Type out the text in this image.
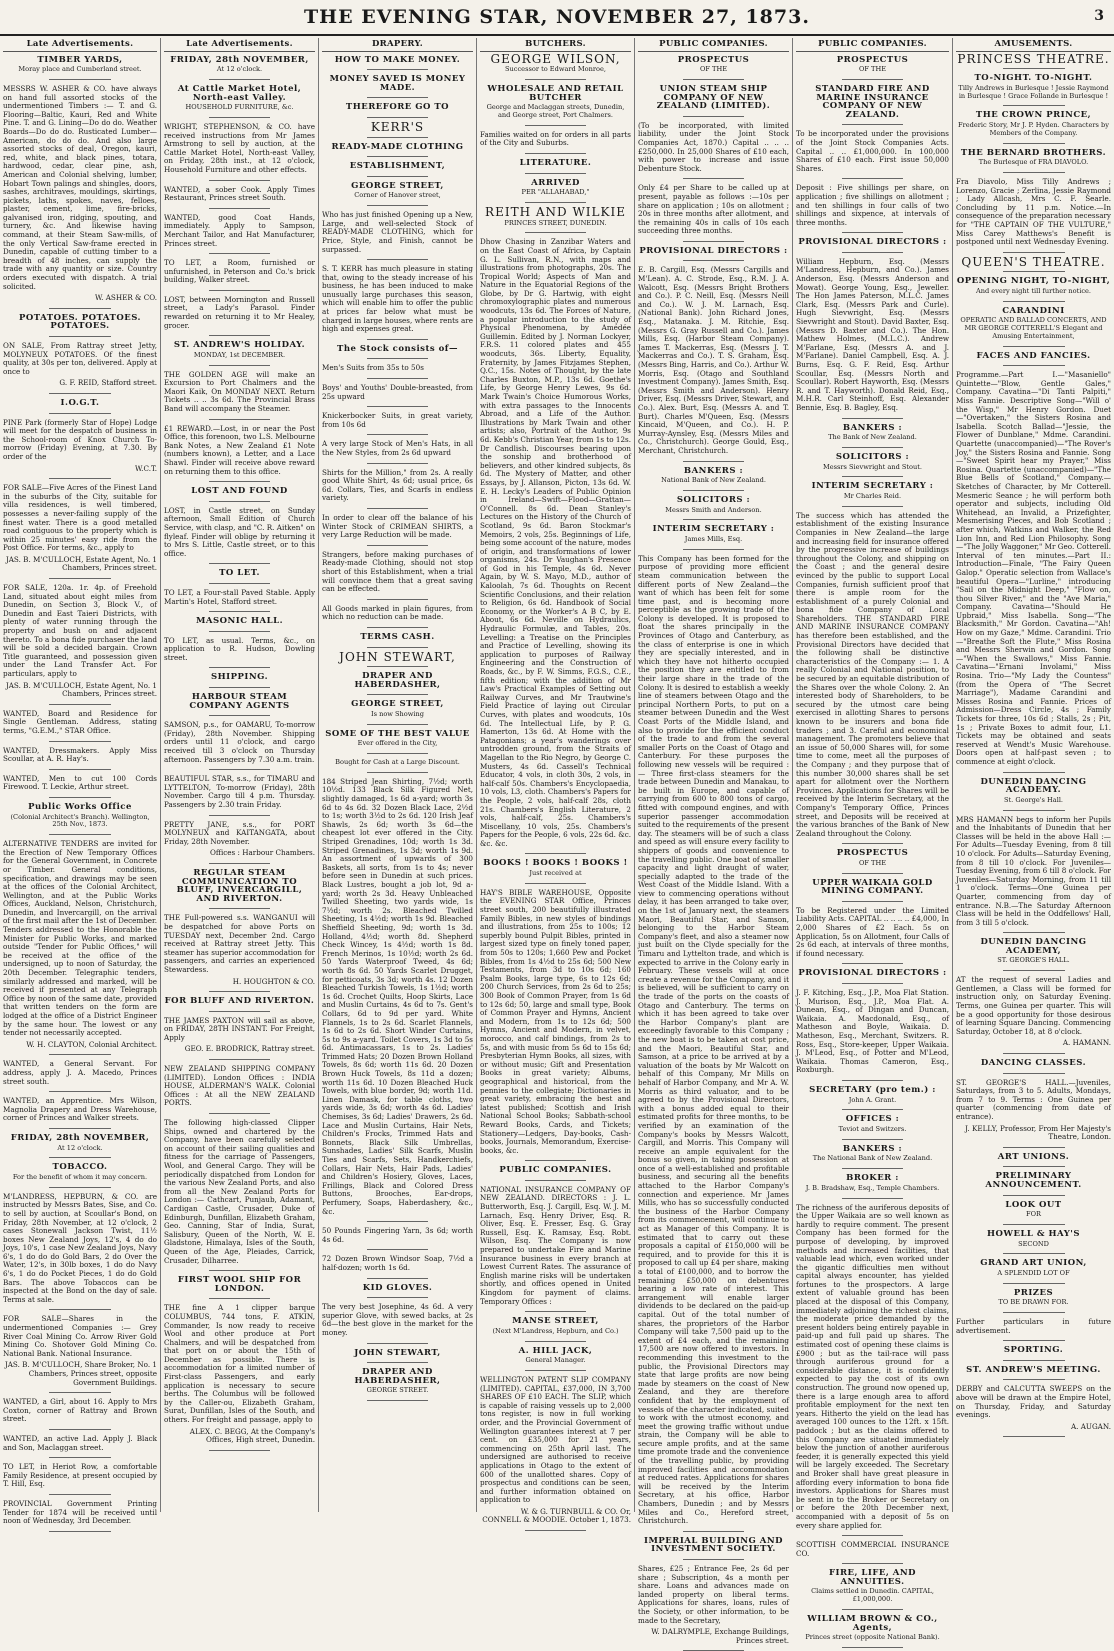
THE EVENING STAR, NOVEMBER 27, 1873.	3
Late Advertisements.
TIMBER YARDS,
Moray place and Cumberland street.

MESSRS W. ASHER & CO. have always on hand full assorted stocks of the undermentioned Timbers :— T. and G. Flooring—Baltic, Kauri, Red and White Pine. T. and G. Lining—Do do do. Weather Boards—Do do do. Rusticated Lumber—American, do do do. And also large assorted stocks of deal, Oregon, kauri, red, white, and black pines, totara, hardwood, cedar, clear pine, ash, American and Colonial shelving, lumber, Hobart Town palings and shingles, doors, sashes, architraves, mouldings, skirtings, pickets, laths, spokes, naves, felloes, plaster, cement, lime, fire-bricks, galvanised iron, ridging, spouting, and turnery, &c. And likewise having command, at their Steam Saw-mills, of the only Vertical Saw-frame erected in Dunedin, capable of cutting timber to a breadth of 48 inches, can supply the trade with any quantity or size. Country orders executed with dispatch. A trial solicited.

W. ASHER & CO.
POTATOES. POTATOES. POTATOES.

ON SALE, From Rattray street Jetty, MOLYNEUX POTATOES. Of the finest quality, at 30s per ton, delivered. Apply at once to

G. F. REID, Stafford street.
I.O.G.T.

PINE Park (formerly Star of Hope) Lodge will meet for the despatch of business in the School-room of Knox Church To-morrow (Friday) Evening, at 7.30. By order of the

W.C.T.

FOR SALE—Five Acres of the Finest Land in the suburbs of the City, suitable for villa residences, is well timbered, possesses a never-failing supply of the finest water. There is a good metalled road contiguous to the property which is within 25 minutes' easy ride from the Post Office. For terms, &c., apply to

JAS. B. M'CULLOCH, Estate Agent, No. 1 Chambers, Princes street.

FOR SALE, 120a. 1r. 4p. of Freehold Land, situated about eight miles from Dunedin, on Section 3, Block V., of Dunedin and East Taieri Districts, with plenty of water running through the property and bush on and adjacent thereto. To a bona fide purchaser the land will be sold a decided bargain. Crown Title guaranteed, and possession given under the Land Transfer Act. For particulars, apply to

JAS. B. M'CULLOCH, Estate Agent, No. 1 Chambers, Princes street.

WANTED, Board and Residence for Single Gentleman. Address, stating terms, "G.E.M.," STAR Office.

WANTED, Dressmakers. Apply Miss Scoullar, at A. R. Hay's.

WANTED, Men to cut 100 Cords Firewood. T. Leckie, Arthur street.

Public Works Office
(Colonial Architect's Branch). Wellington, 25th Nov., 1873.

ALTERNATIVE TENDERS are invited for the Erection of New Temporary Offices for the General Government, in Concrete or Timber. General conditions, specification, and drawings may be seen at the offices of the Colonial Architect, Wellington, and at the Public Works Offices, Auckland, Nelson, Christchurch, Dunedin, and Invercargill, on the arrival of the first mail after the 1st of December. Tenders addressed to the Honorable the Minister for Public Works, and marked outside "Tender for Public Offices," will be received at the office of the undersigned, up to noon of Saturday, the 20th December. Telegraphic tenders, similarly addressed and marked, will be received if presented at any Telegraph Office by noon of the same date, provided that written tenders on the form are lodged at the office of a District Engineer by the same hour. The lowest or any tender not necessarily accepted.

W. H. CLAYTON, Colonial Architect.

WANTED, a General Servant. For address, apply J. A. Macedo, Princes street south.

WANTED, an Apprentice. Mrs Wilson, Magnolia Drapery and Dress Warehouse, corner of Princes and Walker streets.

FRIDAY, 28th NOVEMBER,
At 12 o'clock.
TOBACCO.
For the benefit of whom it may concern.

M'LANDRESS, HEPBURN, & CO. are instructed by Messrs Bates, Sise, and Co. to sell by auction, at Scoullar's Bond, on Friday, 28th November, at 12 o'clock, 2 cases Stonewall Jackson Twist, 11½ boxes New Zealand Joys, 12's, 4 do do Joys, 10's, 1 case New Zealand Joys, Navy 6's, 1 do do do Gold Bars, 2 do Over the Water, 12's, in 30lb boxes, 1 do do Navy 6's, 1 do do Pocket Pieces, 1 do do Gold Bars. The above Tobaccos can be inspected at the Bond on the day of sale. Terms at sale.

FOR SALE—Shares in the undermentioned Companies :— Grey River Coal Mining Co. Arrow River Gold Mining Co. Shotover Gold Mining Co. National Bank. National Insurance.

JAS. B. M'CULLOCH, Share Broker, No. 1 Chambers, Princes street, opposite Government Buildings.

WANTED, a Girl, about 16. Apply to Mrs Coxton, corner of Rattray and Brown street.

WANTED, an active Lad. Apply J. Black and Son, Maclaggan street.

TO LET, in Heriot Row, a comfortable Family Residence, at present occupied by T. Hill, Esq.

PROVINCIAL Government Printing Tender for 1874 will be received until noon of Wednesday, 3rd December.

Late Advertisements.
FRIDAY, 28th NOVEMBER,
At 12 o'clock.
At Cattle Market Hotel, North-east Valley.
HOUSEHOLD FURNITURE, &c.

WRIGHT, STEPHENSON, & CO. have received instructions from Mr James Armstrong to sell by auction, at the Cattle Market Hotel, North-east Valley, on Friday, 28th inst., at 12 o'clock, Household Furniture and other effects.

WANTED, a sober Cook. Apply Times Restaurant, Princes street South.

WANTED, good Coat Hands, immediately. Apply to Sampson, Merchant Tailor, and Hat Manufacturer, Princes street.

TO LET, a Room, furnished or unfurnished, in Peterson and Co.'s brick building, Walker street.

LOST, between Mornington and Russell street, a Lady's Parasol. Finder rewarded on returning it to Mr Healey, grocer.

ST. ANDREW'S HOLIDAY.
MONDAY, 1st DECEMBER.

THE GOLDEN AGE will make an Excursion to Port Chalmers and the Maori Kaik, On MONDAY NEXT. Return Tickets .. .. 3s 6d. The Provincial Brass Band will accompany the Steamer.

£1 REWARD.—Lost, in or near the Post Office, this forenoon, two L.S. Melbourne Bank Notes, a New Zealand £1 Note (numbers known), a Letter, and a Lace Shawl. Finder will receive above reward on returning them to this office.

LOST AND FOUND

LOST, in Castle street, on Sunday afternoon, Small Edition of Church Service, with clasp, and "C. R. Aitken" on flyleaf. Finder will oblige by returning it to Mrs S. Little, Castle street, or to this office.

TO LET.

TO LET, a Four-stall Paved Stable. Apply Martin's Hotel, Stafford street.

MASONIC HALL.

TO LET, as usual. Terms, &c., on application to R. Hudson, Dowling street.

SHIPPING.
HARBOUR STEAM COMPANY AGENTS

SAMSON, p.s., for OAMARU, To-morrow (Friday), 28th November. Shipping orders until 11 o'clock, and cargo received till 3 o'clock on Thursday afternoon. Passengers by 7.30 a.m. train.

BEAUTIFUL STAR, s.s., for TIMARU and LYTTELTON, To-morrow (Friday), 28th November. Cargo till 4 p.m. Thursday. Passengers by 2.30 train Friday.

PRETTY JANE, s.s., for PORT MOLYNEUX and KAITANGATA, about Friday, 28th November.

Offices : Harbour Chambers.
REGULAR STEAM COMMUNICATION TO BLUFF, INVERCARGILL, AND RIVERTON.

THE Full-powered s.s. WANGANUI will be despatched for above Ports on TUESDAY next, December 2nd. Cargo received at Rattray street Jetty. This steamer has superior accommodation for passengers, and carries an experienced Stewardess.

H. HOUGHTON & CO.
FOR BLUFF AND RIVERTON.

THE JAMES PAXTON will sail as above, on FRIDAY, 28TH INSTANT. For Freight, Apply

GEO. E. BRODRICK, Rattray street.

NEW ZEALAND SHIPPING COMPANY (LIMITED). London Offices : INDIA HOUSE, ALDERMAN'S WALK. Colonial Offices : At all the NEW ZEALAND PORTS.

The following high-classed Clipper Ships, owned and chartered by the Company, have been carefully selected on account of their sailing qualities and fitness for the carriage of Passengers, Wool, and General Cargo. They will be periodically dispatched from London for the various New Zealand Ports, and also from all the New Zealand Ports for London :— Cathcart, Punjaub, Adamant, Cardigan Castle, Crusader, Duke of Edinburgh, Dunfillan, Elizabeth Graham, Geo. Canning, Star of India, Surat, Salisbury, Queen of the North, W. E. Gladstone, Himalaya, Isles of the South, Queen of the Age, Pleiades, Carrick, Crusader, Dilharree.

FIRST WOOL SHIP FOR LONDON.

THE fine A 1 clipper barque COLUMBUS, 744 tons, F. ATKIN, Commander, Is now ready to receive Wool and other produce at Port Chalmers, and will be despatched from that port on or about the 15th of December as possible. There is accommodation for a limited number of First-class Passengers, and early application is necessary to secure berths. The Columbus will be followed by the Caller-ou, Elizabeth Graham, Surat, Dunfillan, Isles of the South, and others. For freight and passage, apply to

ALEX. C. BEGG, At the Company's Offices, High street, Dunedin.
DRAPERY.
HOW TO MAKE MONEY.
MONEY SAVED IS MONEY MADE.
THEREFORE GO TO
KERR'S
READY-MADE CLOTHING
ESTABLISHMENT,
GEORGE STREET,
Corner of Hanover street,

Who has just finished Opening up a New, Large, and well-selected Stock of READY-MADE CLOTHING, which for Price, Style, and Finish, cannot be surpassed.

S. T. KERR has much pleasure in stating that, owing to the steady increase of his business, he has been induced to make unusually large purchases this season, which will enable him to offer the public at prices far below what must be charged in large houses, where rents are high and expenses great.

The Stock consists of—

Men's Suits from 35s to 50s

Boys' and Youths' Double-breasted, from 25s upward

Knickerbocker Suits, in great variety, from 10s 6d

A very large Stock of Men's Hats, in all the New Styles, from 2s 6d upward

Shirts for the Million," from 2s. A really good White Shirt, 4s 6d; usual price, 6s 6d. Collars, Ties, and Scarfs in endless variety.

In order to clear off the balance of his Winter Stock of CRIMEAN SHIRTS, a very Large Reduction will be made.

Strangers, before making purchases of Ready-made Clothing, should not stop short of this Establishment, when a trial will convince them that a great saving can be effected.

All Goods marked in plain figures, from which no reduction can be made.

TERMS CASH.
JOHN STEWART,
DRAPER AND HABERDASHER,
GEORGE STREET,
Is now Showing
SOME OF THE BEST VALUE
Ever offered in the City,
Bought for Cash at a Large Discount.

184 Striped Jean Shirting, 7½d; worth 10½d. 133 Black Silk Figured Net, slightly damaged, 1s 6d a-yard; worth 3s 6d to 4s 6d. 32 Dozen Black Lace, 2½d to 1s; worth 3½d to 2s 6d. 120 Irish Jeaf Shawls, 2s 6d; worth 3s 6d—the cheapest lot ever offered in the City. Striped Grenadines, 10d; worth 1s 3d. Striped Grenadines, 1s 3d; worth 1s 9d. An assortment of upwards of 300 Baskets, all sorts, from 1s to 4s; never before seen in Dunedin at such prices. Black Lustres, bought a job lot, 9d a-yard; worth 2s 3d. Heavy Unbleached Twilled Sheeting, two yards wide, 1s 7½d; worth 2s. Bleached Twilled Sheeting, 1s 4½d; worth 1s 9d. Bleached Sheffield Sheeting, 9d; worth 1s 3d. Holland, 4½d; worth 8d. Shepherd Check Wincey, 1s 4½d; worth 1s 8d. French Merinos, 1s 10½d; worth 2s 6d. 50 Yards Waterproof Tweed, 4s 6d; worth 8s 6d. 50 Yards Scarlet Drugget, for petticoats, 3s 3d; worth 4s. 12 Dozen Bleached Turkish Towels, 1s 1½d; worth 1s 6d. Crochet Quilts, Hoop Skirts, Lace and Muslin Curtains, 4s 6d to 7s. Gent's Collars, 6d to 9d per yard. White Flannels, 1s to 2s 6d. Scarlet Flannels, 1s 6d to 2s 6d. Short Winder Curtains, 5s to 9s a-yard. Toilet Covers, 1s 3d to 5s 6d. Antimacassars, 1s to 2s. Ladies' Trimmed Hats; 20 Dozen Brown Holland Towels, 8s 6d; worth 11s 6d. 20 Dozen Brown Huck Towels, 8s 11d a dozen; worth 11s 6d. 10 Dozen Bleached Huck Towels, with blue border, 9d; worth 11d. Linen Damask, for table cloths, two yards wide, 3s 6d; worth 4s 6d. Ladies' Chemises, 3s 6d; Ladies' Drawers, 2s 6d. Lace and Muslin Curtains, Hair Nets, Children's Frocks, Trimmed Hats and Bonnets, Black Silk Umbrellas, Sunshades, Ladies' Silk Scarfs, Muslin Ties and Scarfs, Sets, Handkerchiefs, Collars, Hair Nets, Hair Pads, Ladies' and Children's Hosiery, Gloves, Laces, Frillings, Black and Colored Dress Buttons, Brooches, Ear-drops, Perfumery, Soaps, Haberdashery, &c., &c.

50 Pounds Fingering Yarn, 3s 6d; worth 4s 6d.

72 Dozen Brown Windsor Soap, 7½d a half-dozen; worth 1s 6d.

KID GLOVES.

The very best Josephine, 4s 6d. A very superior Glove, with sewed backs, at 2s 6d—the best glove in the market for the money.

JOHN STEWART,
DRAPER AND HABERDASHER,
GEORGE STREET.
BUTCHERS.
GEORGE WILSON,
Successor to Edward Monroe,
WHOLESALE AND RETAIL BUTCHER
George and Maclaggan streets, Dunedin, and George street, Port Chalmers.

Families waited on for orders in all parts of the City and Suburbs.

LITERATURE.
ARRIVED
PER "ALLAHABAD,"
REITH AND WILKIE
PRINCES STREET, DUNEDIN.

Dhow Chasing in Zanzibar Waters and on the East Coast of Africa, by Captain G. L. Sullivan, R.N., with maps and illustrations from photographs, 20s. The Tropical World; Aspects of Man and Nature in the Equatorial Regions of the Globe, by Dr G. Hartwig, with eight chromoxylographic plates and numerous woodcuts, 13s 6d. The Forces of Nature, a popular introduction to the study of Physical Phenomena, by Amédée Guillemin. Edited by J. Norman Lockyer, F.R.S. 11 colored plates and 455 woodcuts, 36s. Liberty, Equality, Fraternity, by James Fitzjames Stephen, Q.C., 15s. Notes of Thought, by the late Charles Buxton, M.P., 13s 6d. Goethe's Life, by George Henry Lewes, 9s 6d. Mark Twain's Choice Humorous Works, with extra passages to the Innocents Abroad, and a Life of the Author. Illustrations by Mark Twain and other artists; also, Portrait of the Author, 9s 6d. Kebb's Christian Year, from 1s to 12s. Dr Candlish. Discourses bearing upon the sonship and brotherhood of believers, and other kindred subjects, 8s 6d. The Mystery of Matter, and other Essays, by J. Allanson, Picton, 13s 6d. W. E. H. Lecky's Leaders of Public Opinion in Ireland—Swift—Flood—Grattan—O'Connell. 8s 6d. Dean Stanley's Lectures on the History of the Church of Scotland, 9s 6d. Baron Stockmar's Memoirs, 2 vols, 25s. Beginnings of Life, being some account of the nature, modes of origin, and transformations of lower organisms, 24s. Dr Vaughan's Presence of God in his Temple, 4s 6d. Never Again, by W. S. Mayo, M.D., author of Kaloolah, 7s 6d. Thoughts on Recent Scientific Conclusions, and their relation to Religion, 6s 6d. Handbook of Social Economy, or the Worker's A B C, by E. About, 6s 6d. Neville on Hydraulics, Hydraulic Formulæ, and Tables, 20s. Levelling: a Treatise on the Principles and Practice of Levelling, showing its application to purposes of Railway Engineering and the Construction of Roads, &c., by F. W. Simms, F.G.S., C.E., fifth edition; with the addition of Mr Law's Practical Examples of Setting out Railway Curves, and Mr Trautwine's Field Practice of laying out Circular Curves, with plates and woodcuts, 10s 6d. The Intellectual Life, by P. G. Hamerton, 13s 6d. At Home with the Patagonians; a year's wanderings over untrodden ground, from the Straits of Magellan to the Rio Negro, by George C. Musters, 4s 6d. Cassell's Technical Educator, 4 vols, in cloth 30s, 2 vols, in half-calf 50s. Chambers's Encyclopaedia, 10 vols, L3, cloth. Chambers's Papers for the People, 2 vols, half-calf 28s, cloth 21s. Chambers's English Literature, 2 vols, half-calf, 25s. Chambers's Miscellany, 10 vols, 25s. Chambers's Papers for the People, 6 vols, 22s 6d. &c. &c. &c.

BOOKS ! BOOKS ! BOOKS !
Just received at

HAY'S BIBLE WAREHOUSE, Opposite the EVENING STAR Office, Princes street south, 200 beautifully illustrated Family Bibles, in new styles of bindings and illustrations, from 25s to 100s; 12 superbly bound Pulpit Bibles, printed in largest sized type on finely toned paper, from 50s to 120s; 1,660 Pew and Pocket Bibles, from 1s 4½d to 25s 6d; 500 New Testaments, from 3d to 10s 6d; 160 Psalm Books, large type, 6s to 12s 6d; 200 Church Services, from 2s 6d to 25s; 300 Book of Common Prayer, from 1s 6d to 12s 6d; 50, large and small type, Book of Common Prayer and Hymns, Ancient and Modern, from 1s to 12s 6d; 500 Hymns, Ancient and Modern, in velvet, morocco, and calf bindings, from 2s to 5s, and with music from 5s 6d to 15s 6d; Presbyterian Hymn Books, all sizes, with or without music; Gift and Presentation Books in great variety; Albums, geographical and historical, from the pennies to the collegiate; Dictionaries in great variety, embracing the best and latest published; Scottish and Irish National School Books; Sabbath-school Reward Books, Cards, and Tickets; Stationery—Ledgers, Day-books, Cash-books, Journals, Memorandum, Exercise-books, &c.

PUBLIC COMPANIES.

NATIONAL INSURANCE COMPANY OF NEW ZEALAND. DIRECTORS : J. L. Butterworth, Esq. J. Cargill, Esq. W. J. M. Larnach, Esq. Henry Driver, Esq. R. Oliver, Esq. E. Fresser, Esq. G. Gray Russell, Esq. K. Ramsay, Esq. Robt. Wilson, Esq. The Company is now prepared to undertake Fire and Marine Insurance business in every branch at Lowest Current Rates. The assurance of English marine risks will be undertaken shortly, and offices opened in United Kingdom for payment of claims. Temporary Offices :

MANSE STREET,
(Next M'Landress, Hepburn, and Co.)
A. HILL JACK,
General Manager.

WELLINGTON PATENT SLIP COMPANY (LIMITED). CAPITAL, £37,000, IN 3,700 SHARES OF £10 EACH. The SLIP, which is capable of raising vessels up to 2,000 tons register, is now in full working order, and the Provincial Government of Wellington guarantees interest at 7 per cent. on £35,000 for 21 years, commencing on 25th April last. The undersigned are authorised to receive applications in Otago to the extent of 600 of the unallotted shares. Copy of prospectus and conditions can be seen, and further information obtained on application to

W. & G. TURNBULL & CO. Or, CONNELL & MOODIE. October 1, 1873.
PUBLIC COMPANIES.
PROSPECTUS
OF THE
UNION STEAM SHIP COMPANY OF NEW ZEALAND (LIMITED).

(To be incorporated, with limited liability, under the Joint Stock Companies Act, 1870.) Capital .. .. .. £250,000. In 25,000 Shares of £10 each, with power to increase and issue Debenture Stock.

Only £4 per Share to be called up at present, payable as follows :—10s per share on application ; 10s on allotment ; 20s in three months after allotment, and the remaining 40s in calls of 10s each succeeding three months.

PROVISIONAL DIRECTORS :

E. B. Cargill, Esq. (Messrs Cargills and M'Lean). A. C. Strode, Esq., R.M. J. A. Walcott, Esq. (Messrs Bright Brothers and Co.). P. C. Neill, Esq. (Messrs Neill and Co.). W. J. M. Larnach, Esq. (National Bank). John Richard Jones, Esq., Matanaka. J. M. Ritchie, Esq. (Messrs G. Gray Russell and Co.). James Mills, Esq. (Harbor Steam Company). James T. Mackerras, Esq. (Messrs J. T. Mackerras and Co.). T. S. Graham, Esq. (Messrs Bing, Harris, and Co.). Arthur W. Morris, Esq. (Otago and Southland Investment Company). James Smith, Esq. (Messrs Smith and Anderson). Henry Driver, Esq. (Messrs Driver, Stewart, and Co.). Alex. Burt, Esq. (Messrs A. and T. Burt). Charles M'Queen, Esq. (Messrs Kincaid, M'Queen, and Co.). H. P. Murray-Aynsley, Esq. (Messrs Miles and Co., Christchurch). George Gould, Esq., Merchant, Christchurch.

BANKERS :
National Bank of New Zealand.
SOLICITORS :
Messrs Smith and Anderson.
INTERIM SECRETARY :
James Mills, Esq.

This Company has been formed for the purpose of providing more efficient steam communication between the different ports of New Zealand—the want of which has been felt for some time past, and is becoming more perceptible as the growing trade of the Colony is developed. It is proposed to float the shares principally in the Provinces of Otago and Canterbury, as the class of enterprise is one in which they are specially interested, and in which they have not hitherto occupied the position they are entitled to from their large share in the trade of the Colony. It is desired to establish a weekly line of steamers between Otago and the principal Northern Ports, to put on a steamer between Dunedin and the West Coast Ports of the Middle Island, and also to provide for the efficient conduct of the trade to and from the several smaller Ports on the Coast of Otago and Canterbury. For these purposes the following new vessels will be required :— Three first-class steamers for the trade between Dunedin and Manakau, to be built in Europe, and capable of carrying from 600 to 800 tons of cargo, fitted with compound engines, and with superior passenger accommodation suited to the requirements of the present day. The steamers will be of such a class and speed as will ensure every facility to shippers of goods and convenience to the travelling public. One boat of smaller capacity and light draught of water, specially adapted to the trade of the West Coast of the Middle Island. With a view to commencing operations without delay, it has been arranged to take over, on the 1st of January next, the steamers Maori, Beautiful Star, and Samson, belonging to the Harbor Steam Company's fleet, and also a steamer now just built on the Clyde specially for the Timaru and Lyttelton trade, and which is expected to arrive in the Colony early in February. These vessels will at once create a revenue for the Company, and it is believed, will be sufficient to carry on the trade of the ports on the coasts of Otago and Canterbury. The terms on which it has been agreed to take over the Harbor Company's plant are exceedingly favorable to this Company ; the new boat is to be taken at cost price, and the Maori, Beautiful Star, and Samson, at a price to be arrived at by a valuation of the boats by Mr Walcott on behalf of this Company, Mr Mills on behalf of Harbor Company, and Mr A. W. Morris as third valuator, and to be agreed to by the Provisional Directors, with a bonus added equal to their estimated profits for three months, to be verified by an examination of the Company's books by Messrs Walcott, Cargill, and Morris. This Company will receive an ample equivalent for the bonus so given, in taking possession at once of a well-established and profitable business, and securing all the benefits attached to the Harbor Company's connection and experience. Mr James Mills, who has so successfully conducted the business of the Harbor Company from its commencement, will continue to act as Manager of this Company. It is estimated that to carry out these proposals a capital of £150,000 will be required, and to provide for this it is proposed to call up £4 per share, making a total of £100,000, and to borrow the remaining £50,000 on debentures bearing a low rate of interest. This arrangement will enable larger dividends to be declared on the paid-up capital. Out of the total number of shares, the proprietors of the Harbor Company will take 7,500 paid up to the extent of £4 each, and the remaining 17,500 are now offered to investors. In recommending this investment to the public, the Provisional Directors may state that large profits are now being made by steamers on the coast of New Zealand, and they are therefore confident that by the employment of vessels of the character indicated, suited to work with the utmost economy, and meet the growing traffic without undue strain, the Company will be able to secure ample profits, and at the same time promote trade and the convenience of the travelling public, by providing improved facilities and accommodation at reduced rates. Applications for shares will be received by the Interim Secretary, at his office, Harbor Chambers, Dunedin ; and by Messrs Miles and Co., Hereford street, Christchurch.

IMPERIAL BUILDING AND INVESTMENT SOCIETY.

Shares, £25 ; Entrance Fee, 2s 6d per share ; Subscription, 4s a month per share. Loans and advances made on landed property on liberal terms. Applications for shares, loans, rules of the Society, or other information, to be made to the Secretary,

W. DALRYMPLE, Exchange Buildings, Princes street.
PUBLIC COMPANIES.
PROSPECTUS
OF THE
STANDARD FIRE AND MARINE INSURANCE COMPANY OF NEW ZEALAND.

To be incorporated under the provisions of the Joint Stock Companies Acts. Capital .. .. £1,000,000. In 100,000 Shares of £10 each. First issue 50,000 Shares.

Deposit : Five shillings per share, on application ; five shillings on allotment ; and ten shillings in four calls of two shillings and sixpence, at intervals of three months.

PROVISIONAL DIRECTORS :

William Hepburn, Esq. (Messrs M'Landress, Hepburn, and Co.). James Anderson, Esq. (Messrs Anderson and Mowat). George Young, Esq., Jeweller. The Hon James Paterson, M.L.C. James Clark, Esq. (Messrs Park and Curle). Hugh Sievwright, Esq. (Messrs Sievwright and Stout). David Baxter, Esq. (Messrs D. Baxter and Co.). The Hon. Mathew Holmes, (M.L.C.). Andrew M'Farlane, Esq. (Messrs A. and J. M'Farlane). Daniel Campbell, Esq. A. J. Burns, Esq. G. F. Reid, Esq. Arthur Scoullar, Esq. (Messrs North and Scoullar). Robert Hayworth, Esq. (Messrs R. and T. Hayworth). Donald Reid, Esq., M.H.R. Carl Steinhoff, Esq. Alexander Bennie, Esq. B. Bagley, Esq.

BANKERS :
The Bank of New Zealand.
SOLICITORS :
Messrs Sievwright and Stout.
INTERIM SECRETARY :
Mr Charles Reid.

The success which has attended the establishment of the existing Insurance Companies in New Zealand—the large and increasing field for insurance offered by the progressive increase of buildings throughout the Colony, and shipping on the Coast ; and the general desire evinced by the public to support Local Companies, furnish sufficient proof that there is ample room for the establishment of a purely Colonial and bona fide Company of Local Shareholders. THE STANDARD FIRE AND MARINE INSURANCE COMPANY has therefore been established, and the Provisional Directors have decided that the following shall be distinctive characteristics of the Company :— 1. A really Colonial and National position, to be secured by an equitable distribution of the Shares over the whole Colony. 2. An interested body of Shareholders, to be secured by the utmost care being exercised in allotting Shares to persons known to be insurers and bona fide traders ; and 3. Careful and economical management. The promoters believe that an issue of 50,000 Shares will, for some time to come, meet all the purposes of the Company ; and they purpose that of this number 30,000 shares shall be set apart for allotment over the Northern Provinces. Applications for Shares will be received by the Interim Secretary, at the Company's Temporary Office, Princes street, and Deposits will be received at the various branches of the Bank of New Zealand throughout the Colony.

PROSPECTUS
OF THE
UPPER WAIKAIA GOLD MINING COMPANY.

To be Registered under the Limited Liability Acts. CAPITAL .. .. .. .. £4,000, In 2,000 Shares of £2 Each. 5s on Application, 5s on Allotment, four Calls of 2s 6d each, at intervals of three months, if found necessary.

PROVISIONAL DIRECTORS :

J. F. Kitching, Esq., J.P., Moa Flat Station. J. Murison, Esq., J.P., Moa Flat. A. Dunean, Esq., of Dingan and Duncan, Waikaia. A. Macdonald, Esq., of Matheson and Boyle, Waikaia. D. Matheson, Esq., Merchant, Switzers. R. Ross, Esq., Store-keeper, Upper Waikaia. J. M'Leod, Esq., of Potter and M'Leod, Waikaia. Thomas Cameron, Esq., Roxburgh.

SECRETARY (pro tem.) :
John A. Grant.
OFFICES :
Teviot and Switzers.
BANKERS :
The National Bank of New Zealand.
BROKER :
J. B. Bradshaw, Esq., Temple Chambers.

The richness of the auriferous deposits of the Upper Waikaia are so well known as hardly to require comment. The present Company has been formed for the purpose of developing, by improved methods and increased facilities, that valuable lead which, even worked under the gigantic difficulties men without capital always encounter, has yielded fortunes to the prospectors. A large extent of valuable ground has been placed at the disposal of this Company, immediately adjoining the richest claims, the moderate price demanded by the present holders being entirely payable in paid-up and full paid up shares. The estimated cost of opening these claims is £900 ; but as the tail-race will pass through auriferous ground for a considerable distance, it is confidently expected to pay the cost of its own construction. The ground now opened up, there is a large enough area to afford profitable employment for the next ten years. Hitherto the yield on the lead has averaged 100 ounces to the 12ft. x 15ft. paddock ; but as the claims offered to this Company are situated immediately below the junction of another auriferous feeder, it is generally expected this yield will be largely exceeded. The Secretary and Broker shall have great pleasure in affording every information to bona fide investors. Applications for Shares must be sent in to the Broker or Secretary on or before the 20th December next, accompanied with a deposit of 5s on every share applied for.

SCOTTISH COMMERCIAL INSURANCE CO.

FIRE, LIFE, AND ANNUITIES.
Claims settled in Dunedin. CAPITAL, £1,000,000.
WILLIAM BROWN & CO., Agents,
Princes street (opposite National Bank).
AMUSEMENTS.
PRINCESS THEATRE.
TO-NIGHT. TO-NIGHT.
Tilly Andrews in Burlesque ! Jessie Raymond in Burlesque ! Grace Follande in Burlesque !
THE CROWN PRINCE,
Frederic Story, Mr J. P. Hyden. Characters by Members of the Company.
THE BERNARD BROTHERS.
The Burlesque of FRA DIAVOLO.

Fra Diavolo, Miss Tilly Andrews ; Lorenzo, Gracie ; Zerlina, Jessie Raymond ; Lady Allcash, Mrs C. F. Searle. Concluding by 11 p.m. Notice.—In consequence of the preparation necessary for "THE CAPTAIN OF THE VULTURE," Miss Carey Matthews's Benefit is postponed until next Wednesday Evening.

QUEEN'S THEATRE.
OPENING NIGHT, TO-NIGHT,
And every night till further notice.
CARANDINI
OPERATIC AND BALLAD CONCERTS, AND MR GEORGE COTTERELL'S Elegant and Amusing Entertainment,
FACES AND FANCIES.

Programme.—Part I.—"Masaniello" Quintette—"Blow, Gentle Gales," Company. Cavatina—"Di Tanti Palpiti," Miss Fannie. Descriptive Song—"Will o' the Wisp," Mr Henry Gordon. Duet—"Overtaken," the Sisters Rosina and Isabella. Scotch Ballad—"Jessie, the Flower of Dunblane," Mdme. Carandini. Quartette (unaccompanied)—"The Rover's Joy," the Sisters Rosina and Fannie. Song—"Sweet Spirit hear my Prayer," Miss Rosina. Quartette (unaccompanied)—"The Blue Bells of Scotland," Company.—Sketches of Character, by Mr Cotterell. Mesmeric Seance ; he will perform both operator and subjects, including Old Whitehead, an Invalid, a Prizefighter, Mesmerising Pieces, and Bob Scotland ; after which, Watkins and Walker, the Red Lion Inn, and Red Lion Philosophy. Song—"The Jolly Waggoner," Mr Geo. Cotterell. Interval of ten minutes.—Part II.: Introduction—Finale, "The Fairy Queen Galop." Operatic selection from Wallace's beautiful Opera—"Lurline," introducing "Sail on the Midnight Deep," "Flow on, thou Silver River," and the "Ave Maria," Company. Cavatina—"Should He Upbraid," Miss Isabella. Song—"The Blacksmith," Mr Gordon. Cavatina—"Ah! How on my Gaze," Mdme. Carandini. Trio—"Breathe Soft the Flute," Miss Rosina and Messrs Sherwin and Gordon. Song—"When the Swallows," Miss Fannie. Cavatina—"Ernani Involami," Miss Rosina. Trio—"My Lady the Countess" (from the Opera of "The Secret Marriage"), Madame Carandini and Misses Rosina and Fannie. Prices of Admission—Dress Circle, 4s ; Family Tickets for three, 10s 6d ; Stalls, 2s ; Pit, 1s ; Private Boxes to admit four, L1. Tickets may be obtained and seats reserved at Wendt's Music Warehouse. Doors open at half-past seven ; to commence at eight o'clock.

DUNEDIN DANCING ACADEMY.
St. George's Hall.

MRS HAMANN begs to inform her Pupils and the Inhabitants of Dunedin that her Classes will be held in the above Hall :— For Adults—Tuesday Evening, from 8 till 10 o'clock. For Adults—Saturday Evening, from 8 till 10 o'clock. For Juveniles—Tuesday Evening, from 6 till 8 o'clock. For Juveniles—Saturday Morning, from 11 till 1 o'clock. Terms—One Guinea per Quarter, commencing from day of entrance. N.B.—The Saturday Afternoon Class will be held in the Oddfellows' Hall, from 3 till 5 o'clock.

DUNEDIN DANCING ACADEMY,
ST. GEORGE'S HALL.

AT the request of several Ladies and Gentlemen, a Class will be formed for instruction only, on Saturday Evening. Terms, one Guinea per quarter. This will be a good opportunity for those desirous of learning Square Dancing. Commencing Saturday, October 18, at 8 o'clock.

A. HAMANN.
DANCING CLASSES.

ST. GEORGE'S HALL.—Juveniles, Saturdays, from 3 to 5. Adults, Mondays, from 7 to 9. Terms : One Guinea per quarter (commencing from date of entrance).

J. KELLY, Professor, From Her Majesty's Theatre, London.
ART UNIONS.
PRELIMINARY ANNOUNCEMENT.
LOOK OUT
FOR
HOWELL & HAY'S
SECOND
GRAND ART UNION,
A SPLENDID LOT OF
PRIZES
TO BE DRAWN FOR.

Further particulars in future advertisement.

SPORTING.
ST. ANDREW'S MEETING.

DERBY and CALCUTTA SWEEPS on the above will be drawn at the Empire Hotel, on Thursday, Friday, and Saturday evenings.

A. AUGAN.
